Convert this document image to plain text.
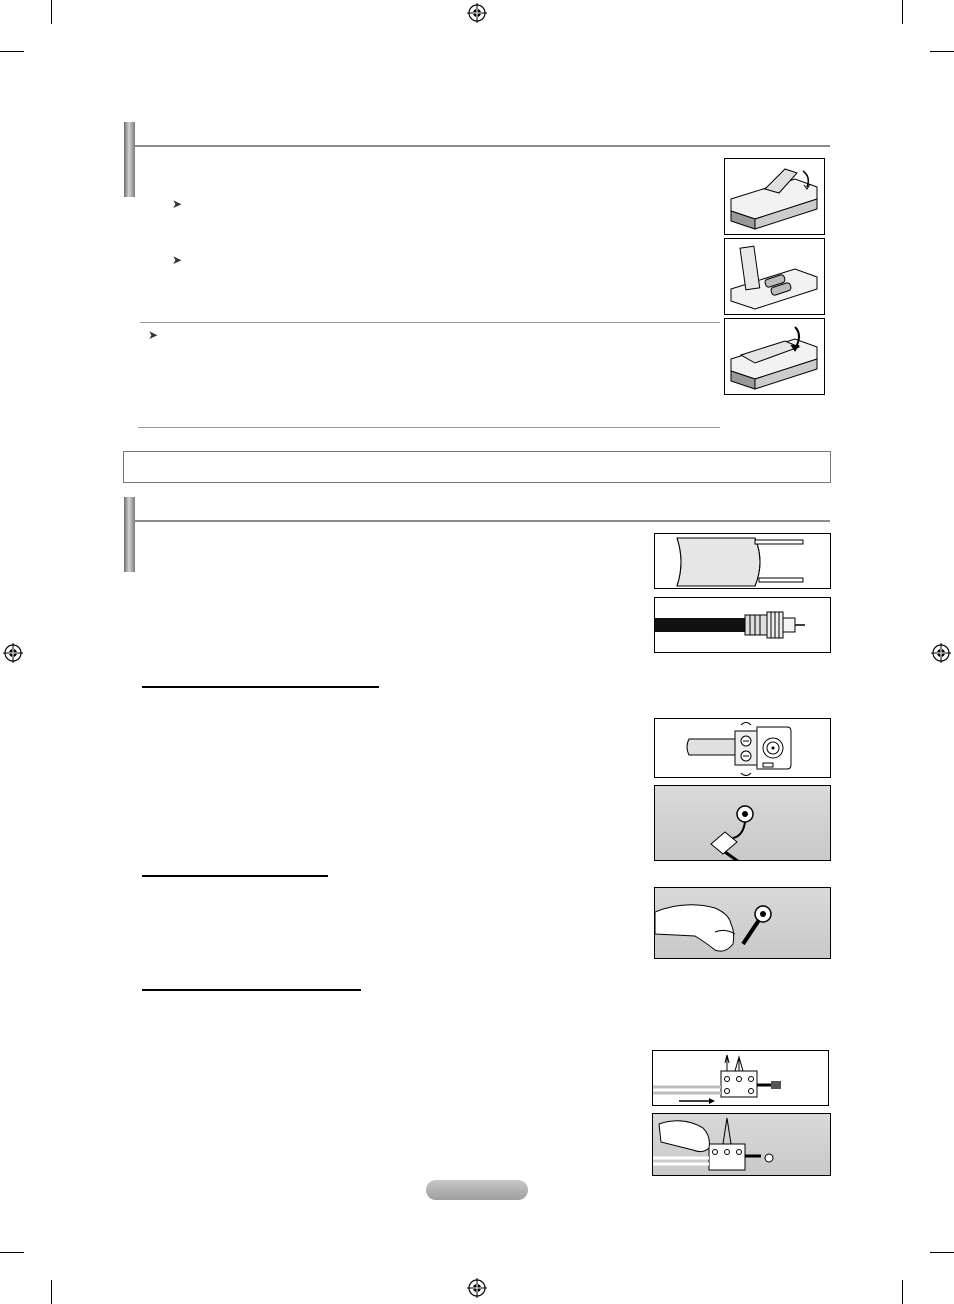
➤
➤
➤
